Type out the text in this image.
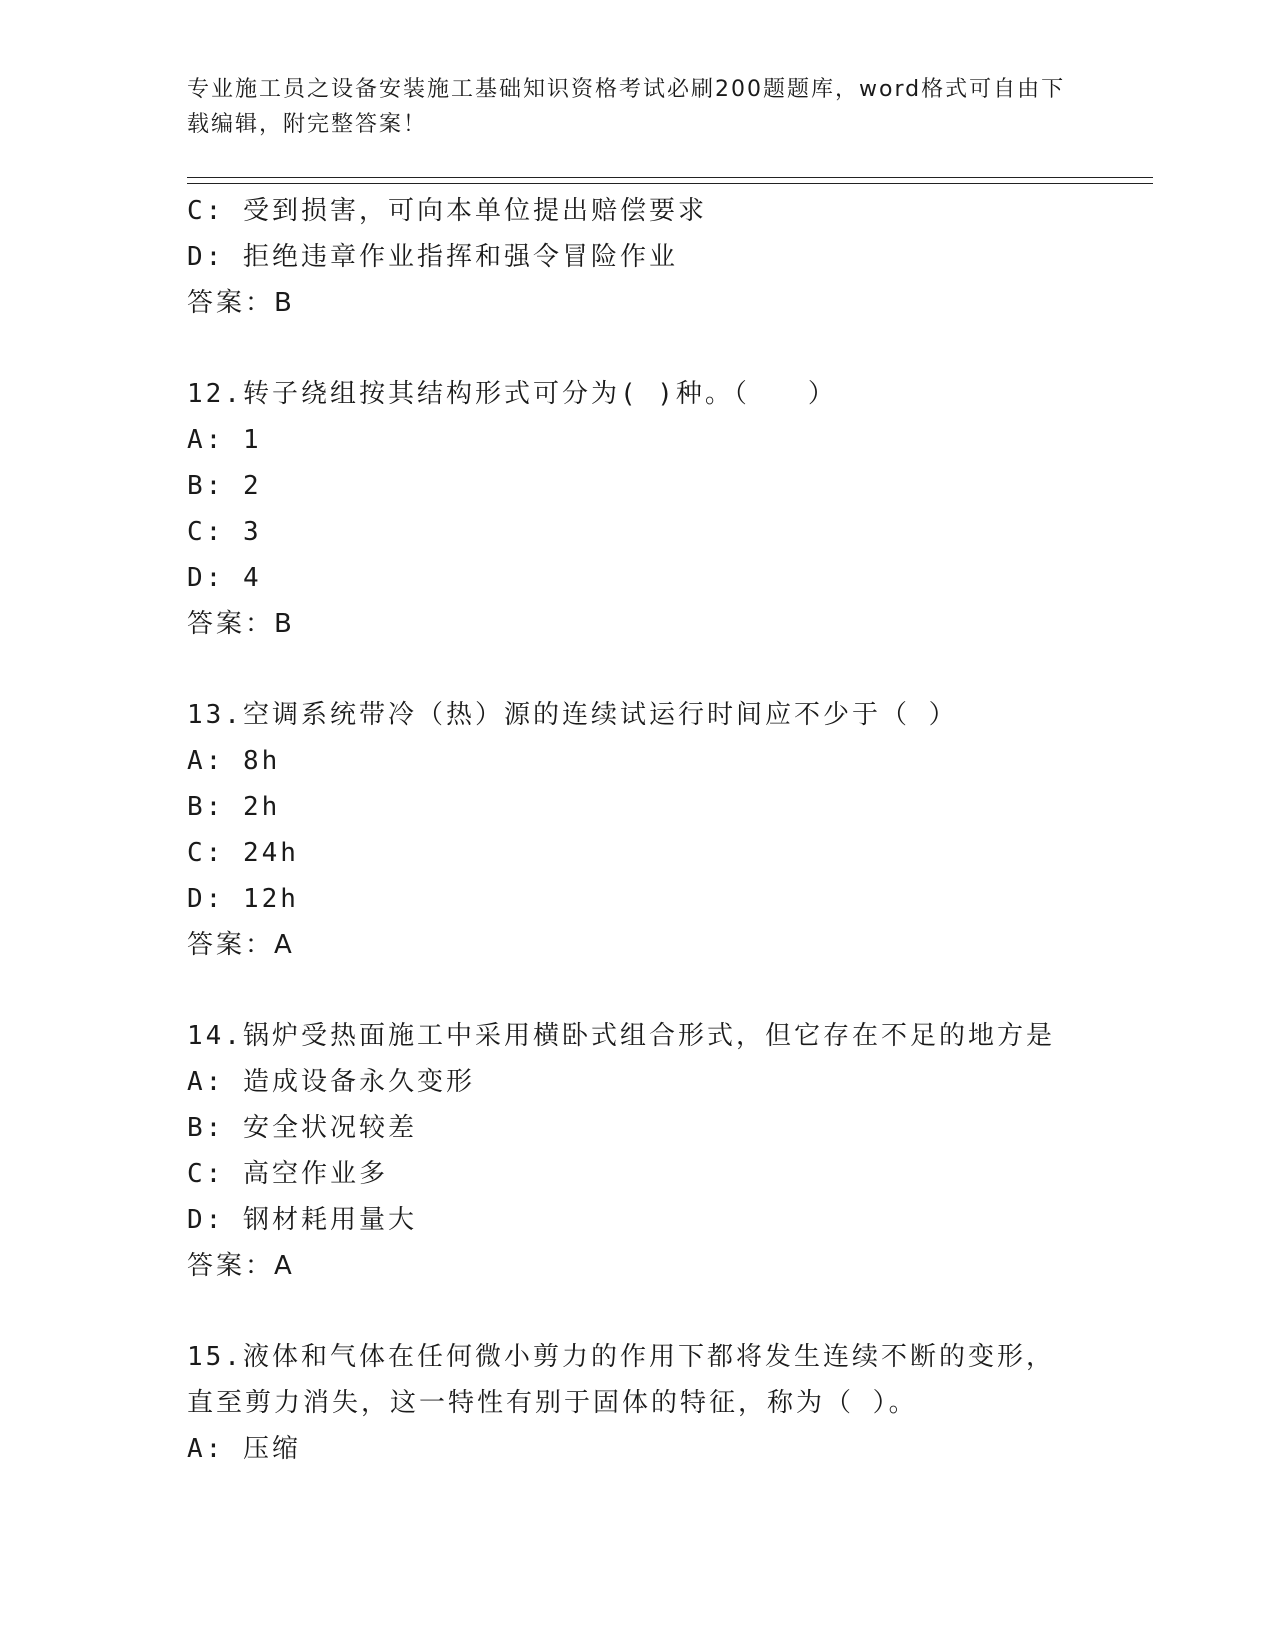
专业施工员之设备安装施工基础知识资格考试必刷200题题库，word格式可自由下载编辑，附完整答案！
C: 受到损害，可向本单位提出赔偿要求
D: 拒绝违章作业指挥和强令冒险作业
答案：B
12.转子绕组按其结构形式可分为( )种。（　　）
A: 1
B: 2
C: 3
D: 4
答案：B
13.空调系统带冷（热）源的连续试运行时间应不少于（ ）
A: 8h
B: 2h
C: 24h
D: 12h
答案：A
14.锅炉受热面施工中采用横卧式组合形式，但它存在不足的地方是
A: 造成设备永久变形
B: 安全状况较差
C: 高空作业多
D: 钢材耗用量大
答案：A
15.液体和气体在任何微小剪力的作用下都将发生连续不断的变形，直至剪力消失，这一特性有别于固体的特征，称为（ ）。
A: 压缩
